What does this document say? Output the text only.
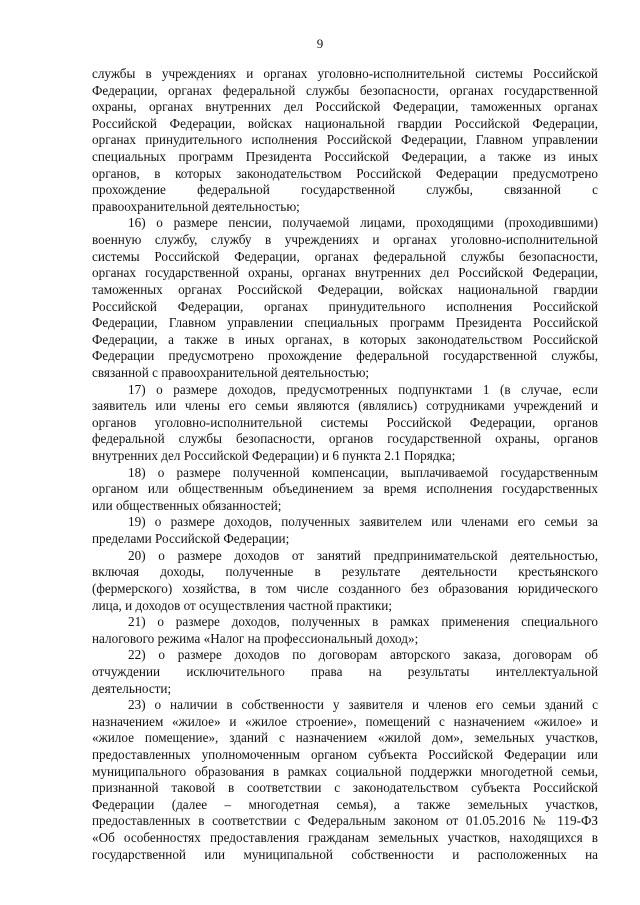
9
службы в учреждениях и органах уголовно-исполнительной системы Российской
Федерации, органах федеральной службы безопасности, органах государственной
охраны, органах внутренних дел Российской Федерации, таможенных органах
Российской Федерации, войсках национальной гвардии Российской Федерации,
органах принудительного исполнения Российской Федерации, Главном управлении
специальных программ Президента Российской Федерации, а также из иных
органов, в которых законодательством Российской Федерации предусмотрено
прохождение федеральной государственной службы, связанной с
правоохранительной деятельностью;
16) о размере пенсии, получаемой лицами, проходящими (проходившими)
военную службу, службу в учреждениях и органах уголовно-исполнительной
системы Российской Федерации, органах федеральной службы безопасности,
органах государственной охраны, органах внутренних дел Российской Федерации,
таможенных органах Российской Федерации, войсках национальной гвардии
Российской Федерации, органах принудительного исполнения Российской
Федерации, Главном управлении специальных программ Президента Российской
Федерации, а также в иных органах, в которых законодательством Российской
Федерации предусмотрено прохождение федеральной государственной службы,
связанной с правоохранительной деятельностью;
17) о размере доходов, предусмотренных подпунктами 1 (в случае, если
заявитель или члены его семьи являются (являлись) сотрудниками учреждений и
органов уголовно-исполнительной системы Российской Федерации, органов
федеральной службы безопасности, органов государственной охраны, органов
внутренних дел Российской Федерации) и 6 пункта 2.1 Порядка;
18) о размере полученной компенсации, выплачиваемой государственным
органом или общественным объединением за время исполнения государственных
или общественных обязанностей;
19) о размере доходов, полученных заявителем или членами его семьи за
пределами Российской Федерации;
20) о размере доходов от занятий предпринимательской деятельностью,
включая доходы, полученные в результате деятельности крестьянского
(фермерского) хозяйства, в том числе созданного без образования юридического
лица, и доходов от осуществления частной практики;
21) о размере доходов, полученных в рамках применения специального
налогового режима «Налог на профессиональный доход»;
22) о размере доходов по договорам авторского заказа, договорам об
отчуждении исключительного права на результаты интеллектуальной
деятельности;
23) о наличии в собственности у заявителя и членов его семьи зданий с
назначением «жилое» и «жилое строение», помещений с назначением «жилое» и
«жилое помещение», зданий с назначением «жилой дом», земельных участков,
предоставленных уполномоченным органом субъекта Российской Федерации или
муниципального образования в рамках социальной поддержки многодетной семьи,
признанной таковой в соответствии с законодательством субъекта Российской
Федерации (далее – многодетная семья), а также земельных участков,
предоставленных в соответствии с Федеральным законом от 01.05.2016 № 119-ФЗ
«Об особенностях предоставления гражданам земельных участков, находящихся в
государственной или муниципальной собственности и расположенных на
